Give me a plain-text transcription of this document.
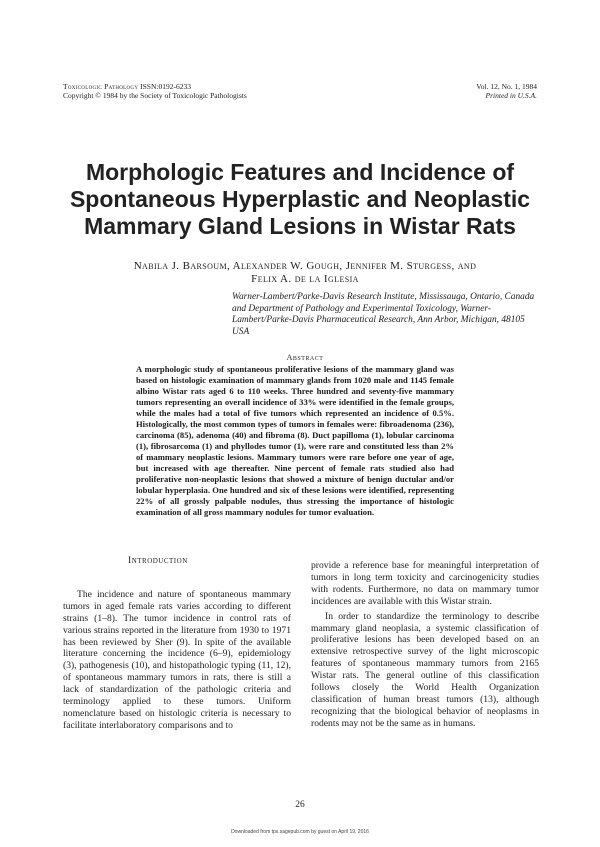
Toxicologic Pathology ISSN:0192-6233
Copyright © 1984 by the Society of Toxicologic Pathologists
Vol. 12, No. 1, 1984
Printed in U.S.A.
Morphologic Features and Incidence of
Spontaneous Hyperplastic and Neoplastic
Mammary Gland Lesions in Wistar Rats
Nabila J. Barsoum, Alexander W. Gough, Jennifer M. Sturgess, and
Felix A. de la Iglesia
Warner-Lambert/Parke-Davis Research Institute, Mississauga, Ontario, Canada and Department of Pathology and Experimental Toxicology, Warner-Lambert/Parke-Davis Pharmaceutical Research, Ann Arbor, Michigan, 48105 USA
Abstract
A morphologic study of spontaneous proliferative lesions of the mammary gland was based on histologic examination of mammary glands from 1020 male and 1145 female albino Wistar rats aged 6 to 110 weeks. Three hundred and seventy-five mammary tumors representing an overall incidence of 33% were identified in the female groups, while the males had a total of five tumors which represented an incidence of 0.5%. Histologically, the most common types of tumors in females were: fibroadenoma (236), carcinoma (85), adenoma (40) and fibroma (8). Duct papilloma (1), lobular carcinoma (1), fibrosarcoma (1) and phyllodes tumor (1), were rare and constituted less than 2% of mammary neoplastic lesions. Mammary tumors were rare before one year of age, but increased with age thereafter. Nine percent of female rats studied also had proliferative non-neoplastic lesions that showed a mixture of benign ductular and/or lobular hyperplasia. One hundred and six of these lesions were identified, representing 22% of all grossly palpable nodules, thus stressing the importance of histologic examination of all gross mammary nodules for tumor evaluation.
Introduction

The incidence and nature of spontaneous mammary tumors in aged female rats varies according to different strains (1–8). The tumor incidence in control rats of various strains reported in the literature from 1930 to 1971 has been reviewed by Sher (9). In spite of the available literature concerning the incidence (6–9), epidemiology (3), pathogenesis (10), and histopathologic typing (11, 12), of spontaneous mammary tumors in rats, there is still a lack of standardization of the pathologic criteria and terminology applied to these tumors. Uniform nomenclature based on histologic criteria is necessary to facilitate interlaboratory comparisons and to

provide a reference base for meaningful interpretation of tumors in long term toxicity and carcinogenicity studies with rodents. Furthermore, no data on mammary tumor incidences are available with this Wistar strain.

In order to standardize the terminology to describe mammary gland neoplasia, a systemic classification of proliferative lesions has been developed based on an extensive retrospective survey of the light microscopic features of spontaneous mammary tumors from 2165 Wistar rats. The general outline of this classification follows closely the World Health Organization classification of human breast tumors (13), although recognizing that the biological behavior of neoplasms in rodents may not be the same as in humans.

26
Downloaded from tpx.sagepub.com by guest on April 19, 2016
